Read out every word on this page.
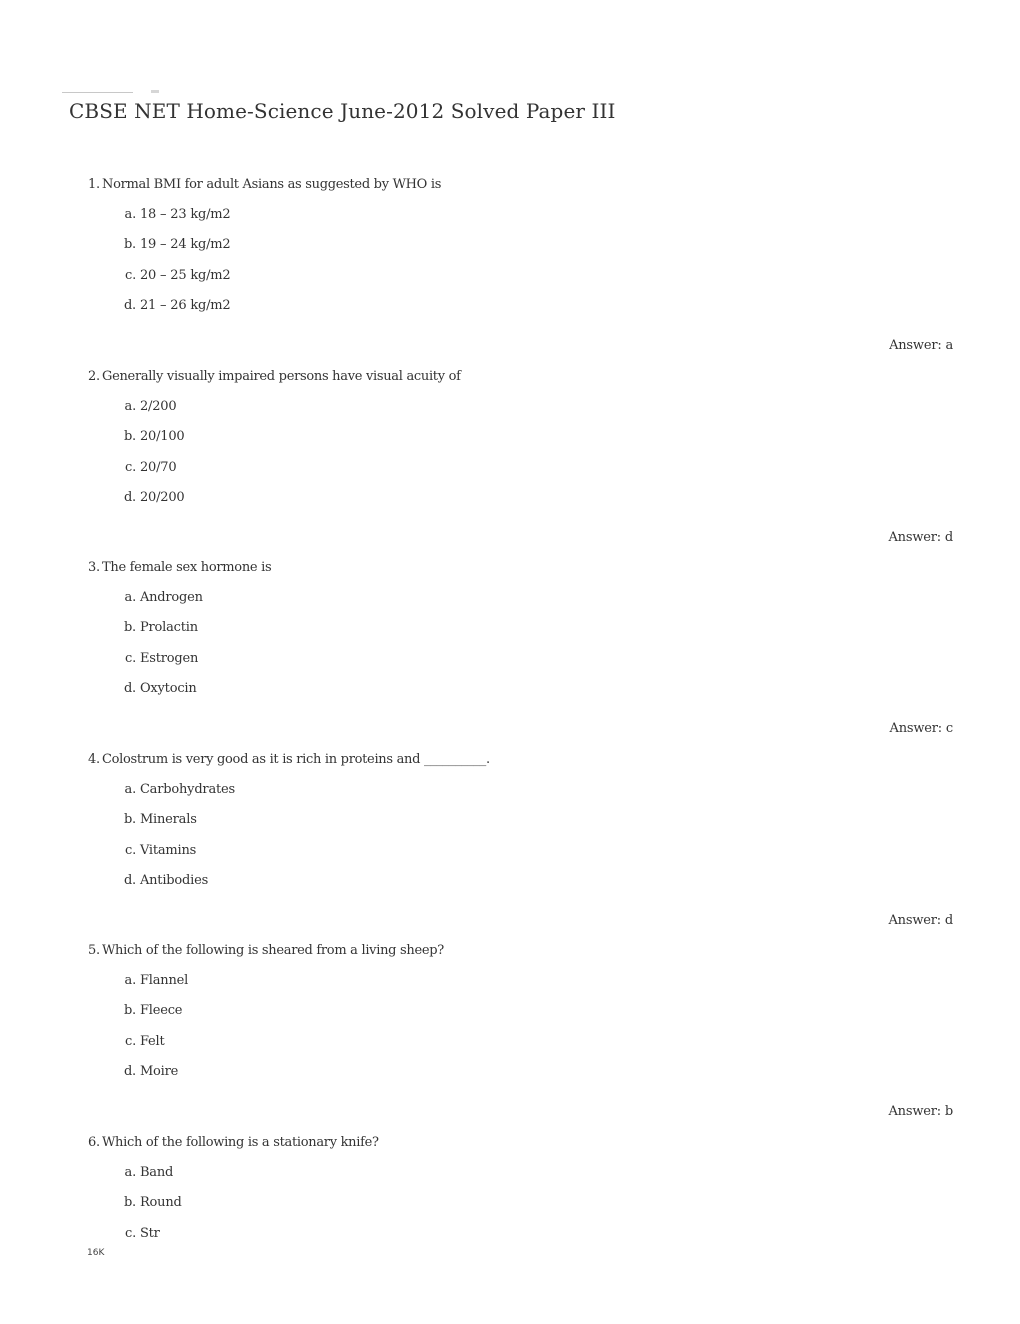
CBSE NET Home-Science June-2012 Solved Paper III
1. Normal BMI for adult Asians as suggested by WHO is
a. 18 – 23 kg/m2
b. 19 – 24 kg/m2
c. 20 – 25 kg/m2
d. 21 – 26 kg/m2
Answer: a
2. Generally visually impaired persons have visual acuity of
a. 2/200
b. 20/100
c. 20/70
d. 20/200
Answer: d
3. The female sex hormone is
a. Androgen
b. Prolactin
c. Estrogen
d. Oxytocin
Answer: c
4. Colostrum is very good as it is rich in proteins and __________.
a. Carbohydrates
b. Minerals
c. Vitamins
d. Antibodies
Answer: d
5. Which of the following is sheared from a living sheep?
a. Flannel
b. Fleece
c. Felt
d. Moire
Answer: b
6. Which of the following is a stationary knife?
a. Band
b. Round
c. Str
16K
